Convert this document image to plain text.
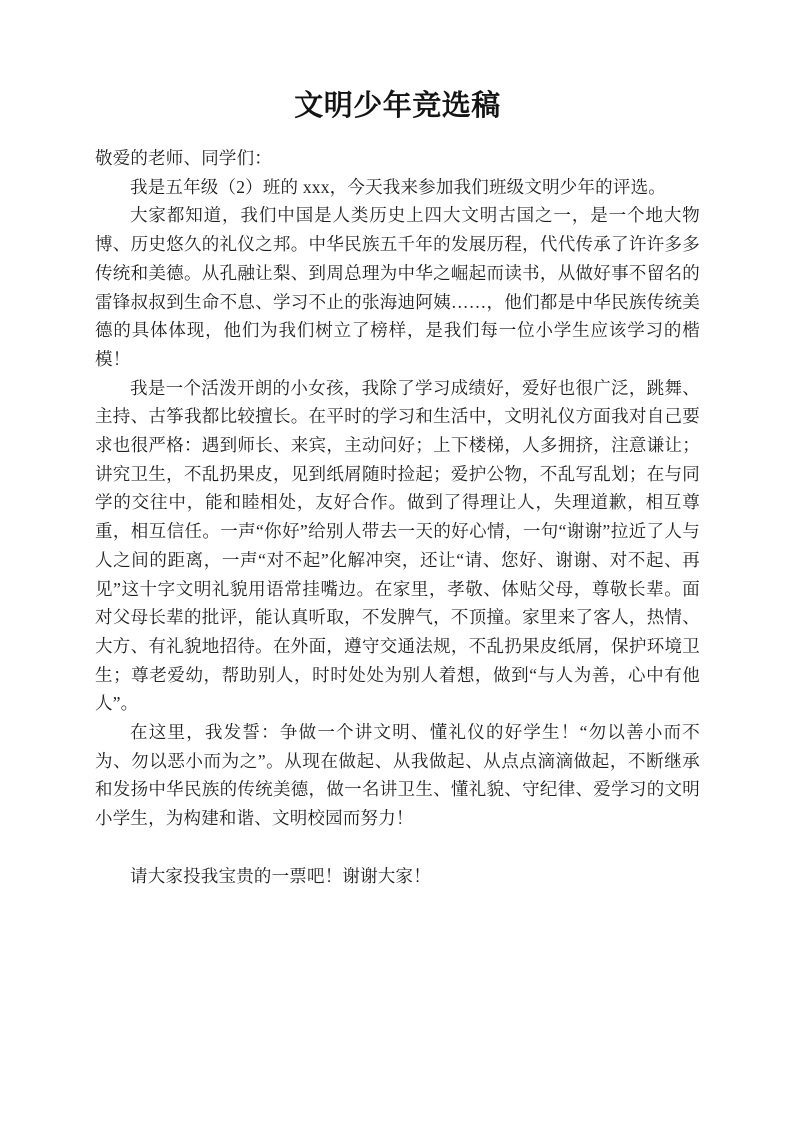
文明少年竞选稿

敬爱的老师、同学们：

我是五年级（2）班的 xxx，今天我来参加我们班级文明少年的评选。

大家都知道，我们中国是人类历史上四大文明古国之一，是一个地大物博、历史悠久的礼仪之邦。中华民族五千年的发展历程，代代传承了许许多多传统和美德。从孔融让梨、到周总理为中华之崛起而读书，从做好事不留名的雷锋叔叔到生命不息、学习不止的张海迪阿姨……，他们都是中华民族传统美德的具体体现，他们为我们树立了榜样，是我们每一位小学生应该学习的楷模！

我是一个活泼开朗的小女孩，我除了学习成绩好，爱好也很广泛，跳舞、主持、古筝我都比较擅长。在平时的学习和生活中，文明礼仪方面我对自己要求也很严格：遇到师长、来宾，主动问好；上下楼梯，人多拥挤，注意谦让；讲究卫生，不乱扔果皮，见到纸屑随时捡起；爱护公物，不乱写乱划；在与同学的交往中，能和睦相处，友好合作。做到了得理让人，失理道歉，相互尊重，相互信任。一声“你好”给别人带去一天的好心情，一句“谢谢”拉近了人与人之间的距离，一声“对不起”化解冲突，还让“请、您好、谢谢、对不起、再见”这十字文明礼貌用语常挂嘴边。在家里，孝敬、体贴父母，尊敬长辈。面对父母长辈的批评，能认真听取，不发脾气，不顶撞。家里来了客人，热情、大方、有礼貌地招待。在外面，遵守交通法规，不乱扔果皮纸屑，保护环境卫生；尊老爱幼，帮助别人，时时处处为别人着想，做到“与人为善，心中有他人”。

在这里，我发誓：争做一个讲文明、懂礼仪的好学生！“勿以善小而不为、勿以恶小而为之”。从现在做起、从我做起、从点点滴滴做起，不断继承和发扬中华民族的传统美德，做一名讲卫生、懂礼貌、守纪律、爱学习的文明小学生，为构建和谐、文明校园而努力！

请大家投我宝贵的一票吧！谢谢大家！
